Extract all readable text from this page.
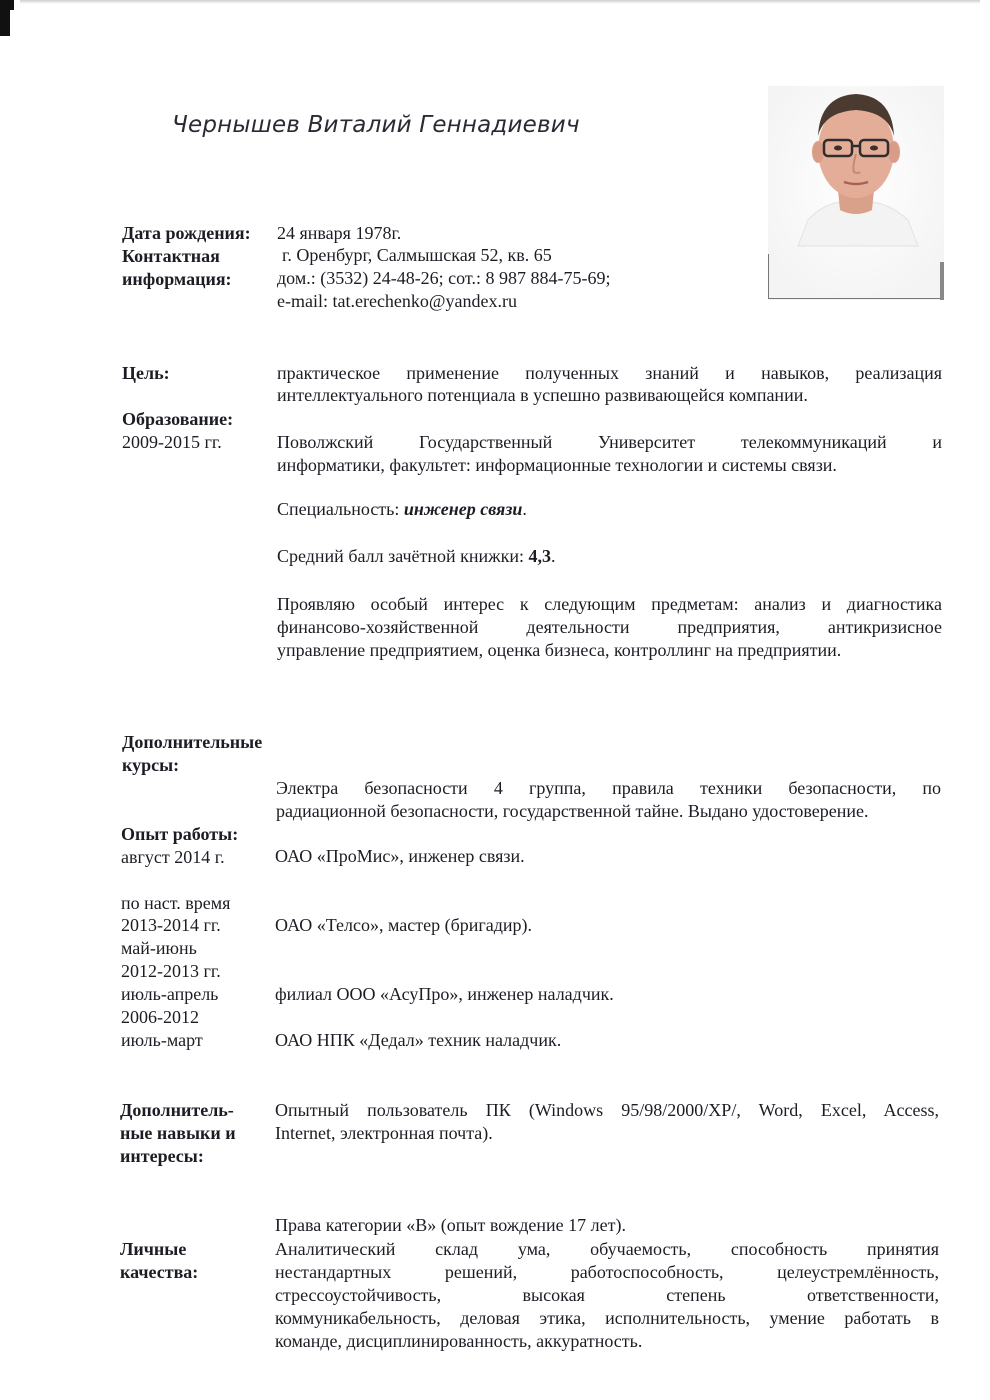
Чернышев Виталий Геннадиевич
Дата рождения: 24 января 1978г.
Контактная
информация:
г. Оренбург, Салмышская 52, кв. 65
дом.: (3532) 24-48-26; сот.: 8 987 884-75-69;
e-mail: tat.erechenko@yandex.ru
Цель:	практическое применение полученных знаний и навыков, реализация
интеллектуального потенциала в успешно развивающейся компании.
Образование:
2009-2015 гг.	Поволжский Государственный Университет телекоммуникаций и
информатики, факультет: информационные технологии и системы связи.
Специальность: инженер связи.
Средний балл зачётной книжки: 4,3.
Проявляю особый интерес к следующим предметам: анализ и диагностика
финансово-хозяйственной деятельности предприятия, антикризисное
управление предприятием, оценка бизнеса, контроллинг на предприятии.
Дополнительные
курсы:
Электра безопасности 4 группа, правила техники безопасности, по
радиационной безопасности, государственной тайне. Выдано удостоверение.
Опыт работы:
август 2014 г.
по наст. время
2013-2014 гг.
май-июнь
2012-2013 гг.
июль-апрель
2006-2012
июль-март
ОАО «ПроМис», инженер связи.
ОАО «Телсо», мастер (бригадир).
филиал ООО «АсуПро», инженер наладчик.
ОАО НПК «Дедал» техник наладчик.
Дополнитель-
ные навыки и
интересы:
Опытный пользователь ПК (Windows 95/98/2000/XP/, Word, Excel, Access,
Internet, электронная почта).
Права категории «В» (опыт вождение 17 лет).
Личные
качества:
Аналитический склад ума, обучаемость, способность принятия
нестандартных решений, работоспособность, целеустремлённость,
стрессоустойчивость, высокая степень ответственности,
коммуникабельность, деловая этика, исполнительность, умение работать в
команде, дисциплинированность, аккуратность.
